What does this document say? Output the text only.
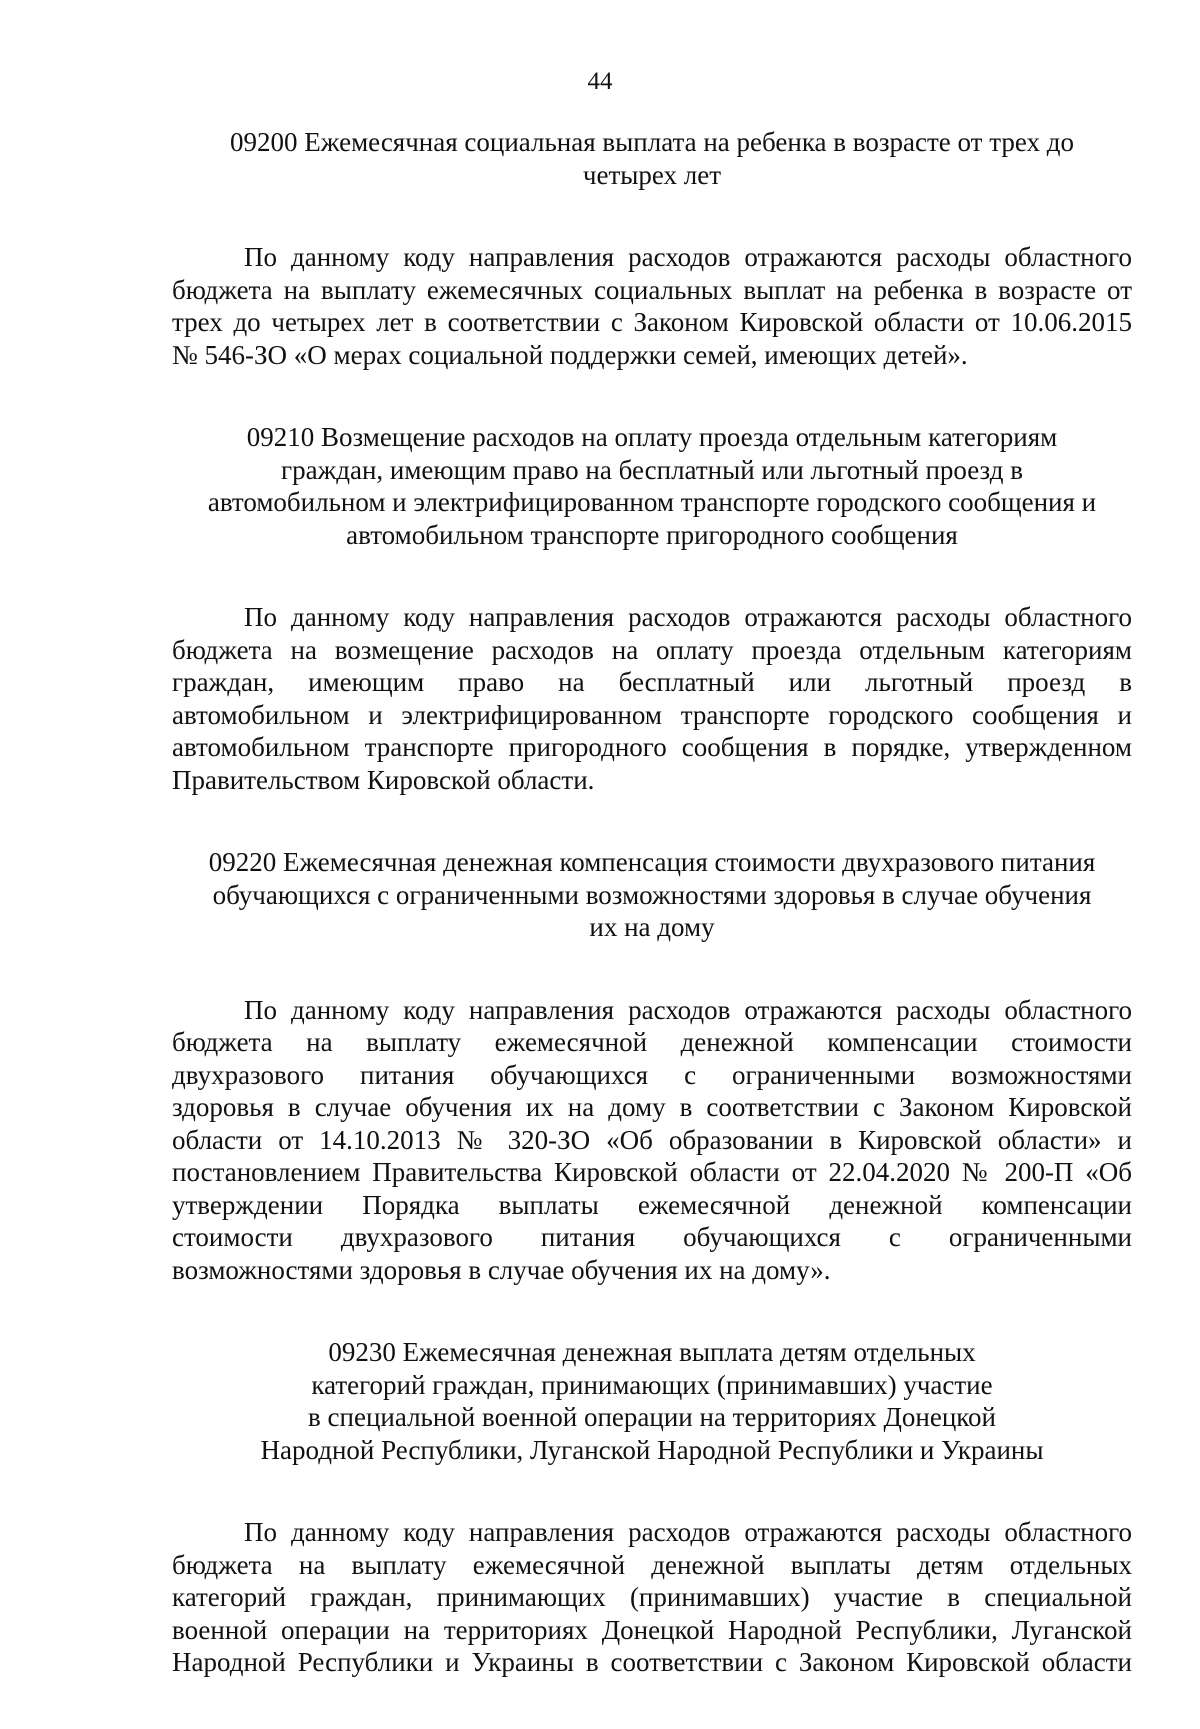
44
09200 Ежемесячная социальная выплата на ребенка в возрасте от трех до
четырех лет
По данному коду направления расходов отражаются расходы областного
бюджета на выплату ежемесячных социальных выплат на ребенка в возрасте от
трех до четырех лет в соответствии с Законом Кировской области от 10.06.2015
№ 546-ЗО «О мерах социальной поддержки семей, имеющих детей».
09210 Возмещение расходов на оплату проезда отдельным категориям
граждан, имеющим право на бесплатный или льготный проезд в
автомобильном и электрифицированном транспорте городского сообщения и
автомобильном транспорте пригородного сообщения
По данному коду направления расходов отражаются расходы областного
бюджета на возмещение расходов на оплату проезда отдельным категориям
граждан, имеющим право на бесплатный или льготный проезд в
автомобильном и электрифицированном транспорте городского сообщения и
автомобильном транспорте пригородного сообщения в порядке, утвержденном
Правительством Кировской области.
09220 Ежемесячная денежная компенсация стоимости двухразового питания
обучающихся с ограниченными возможностями здоровья в случае обучения
их на дому
По данному коду направления расходов отражаются расходы областного
бюджета на выплату ежемесячной денежной компенсации стоимости
двухразового питания обучающихся с ограниченными возможностями
здоровья в случае обучения их на дому в соответствии с Законом Кировской
области от 14.10.2013 № 320-ЗО «Об образовании в Кировской области» и
постановлением Правительства Кировской области от 22.04.2020 № 200-П «Об
утверждении Порядка выплаты ежемесячной денежной компенсации
стоимости двухразового питания обучающихся с ограниченными
возможностями здоровья в случае обучения их на дому».
09230 Ежемесячная денежная выплата детям отдельных
категорий граждан, принимающих (принимавших) участие
в специальной военной операции на территориях Донецкой
Народной Республики, Луганской Народной Республики и Украины
По данному коду направления расходов отражаются расходы областного
бюджета на выплату ежемесячной денежной выплаты детям отдельных
категорий граждан, принимающих (принимавших) участие в специальной
военной операции на территориях Донецкой Народной Республики, Луганской
Народной Республики и Украины в соответствии с Законом Кировской области
